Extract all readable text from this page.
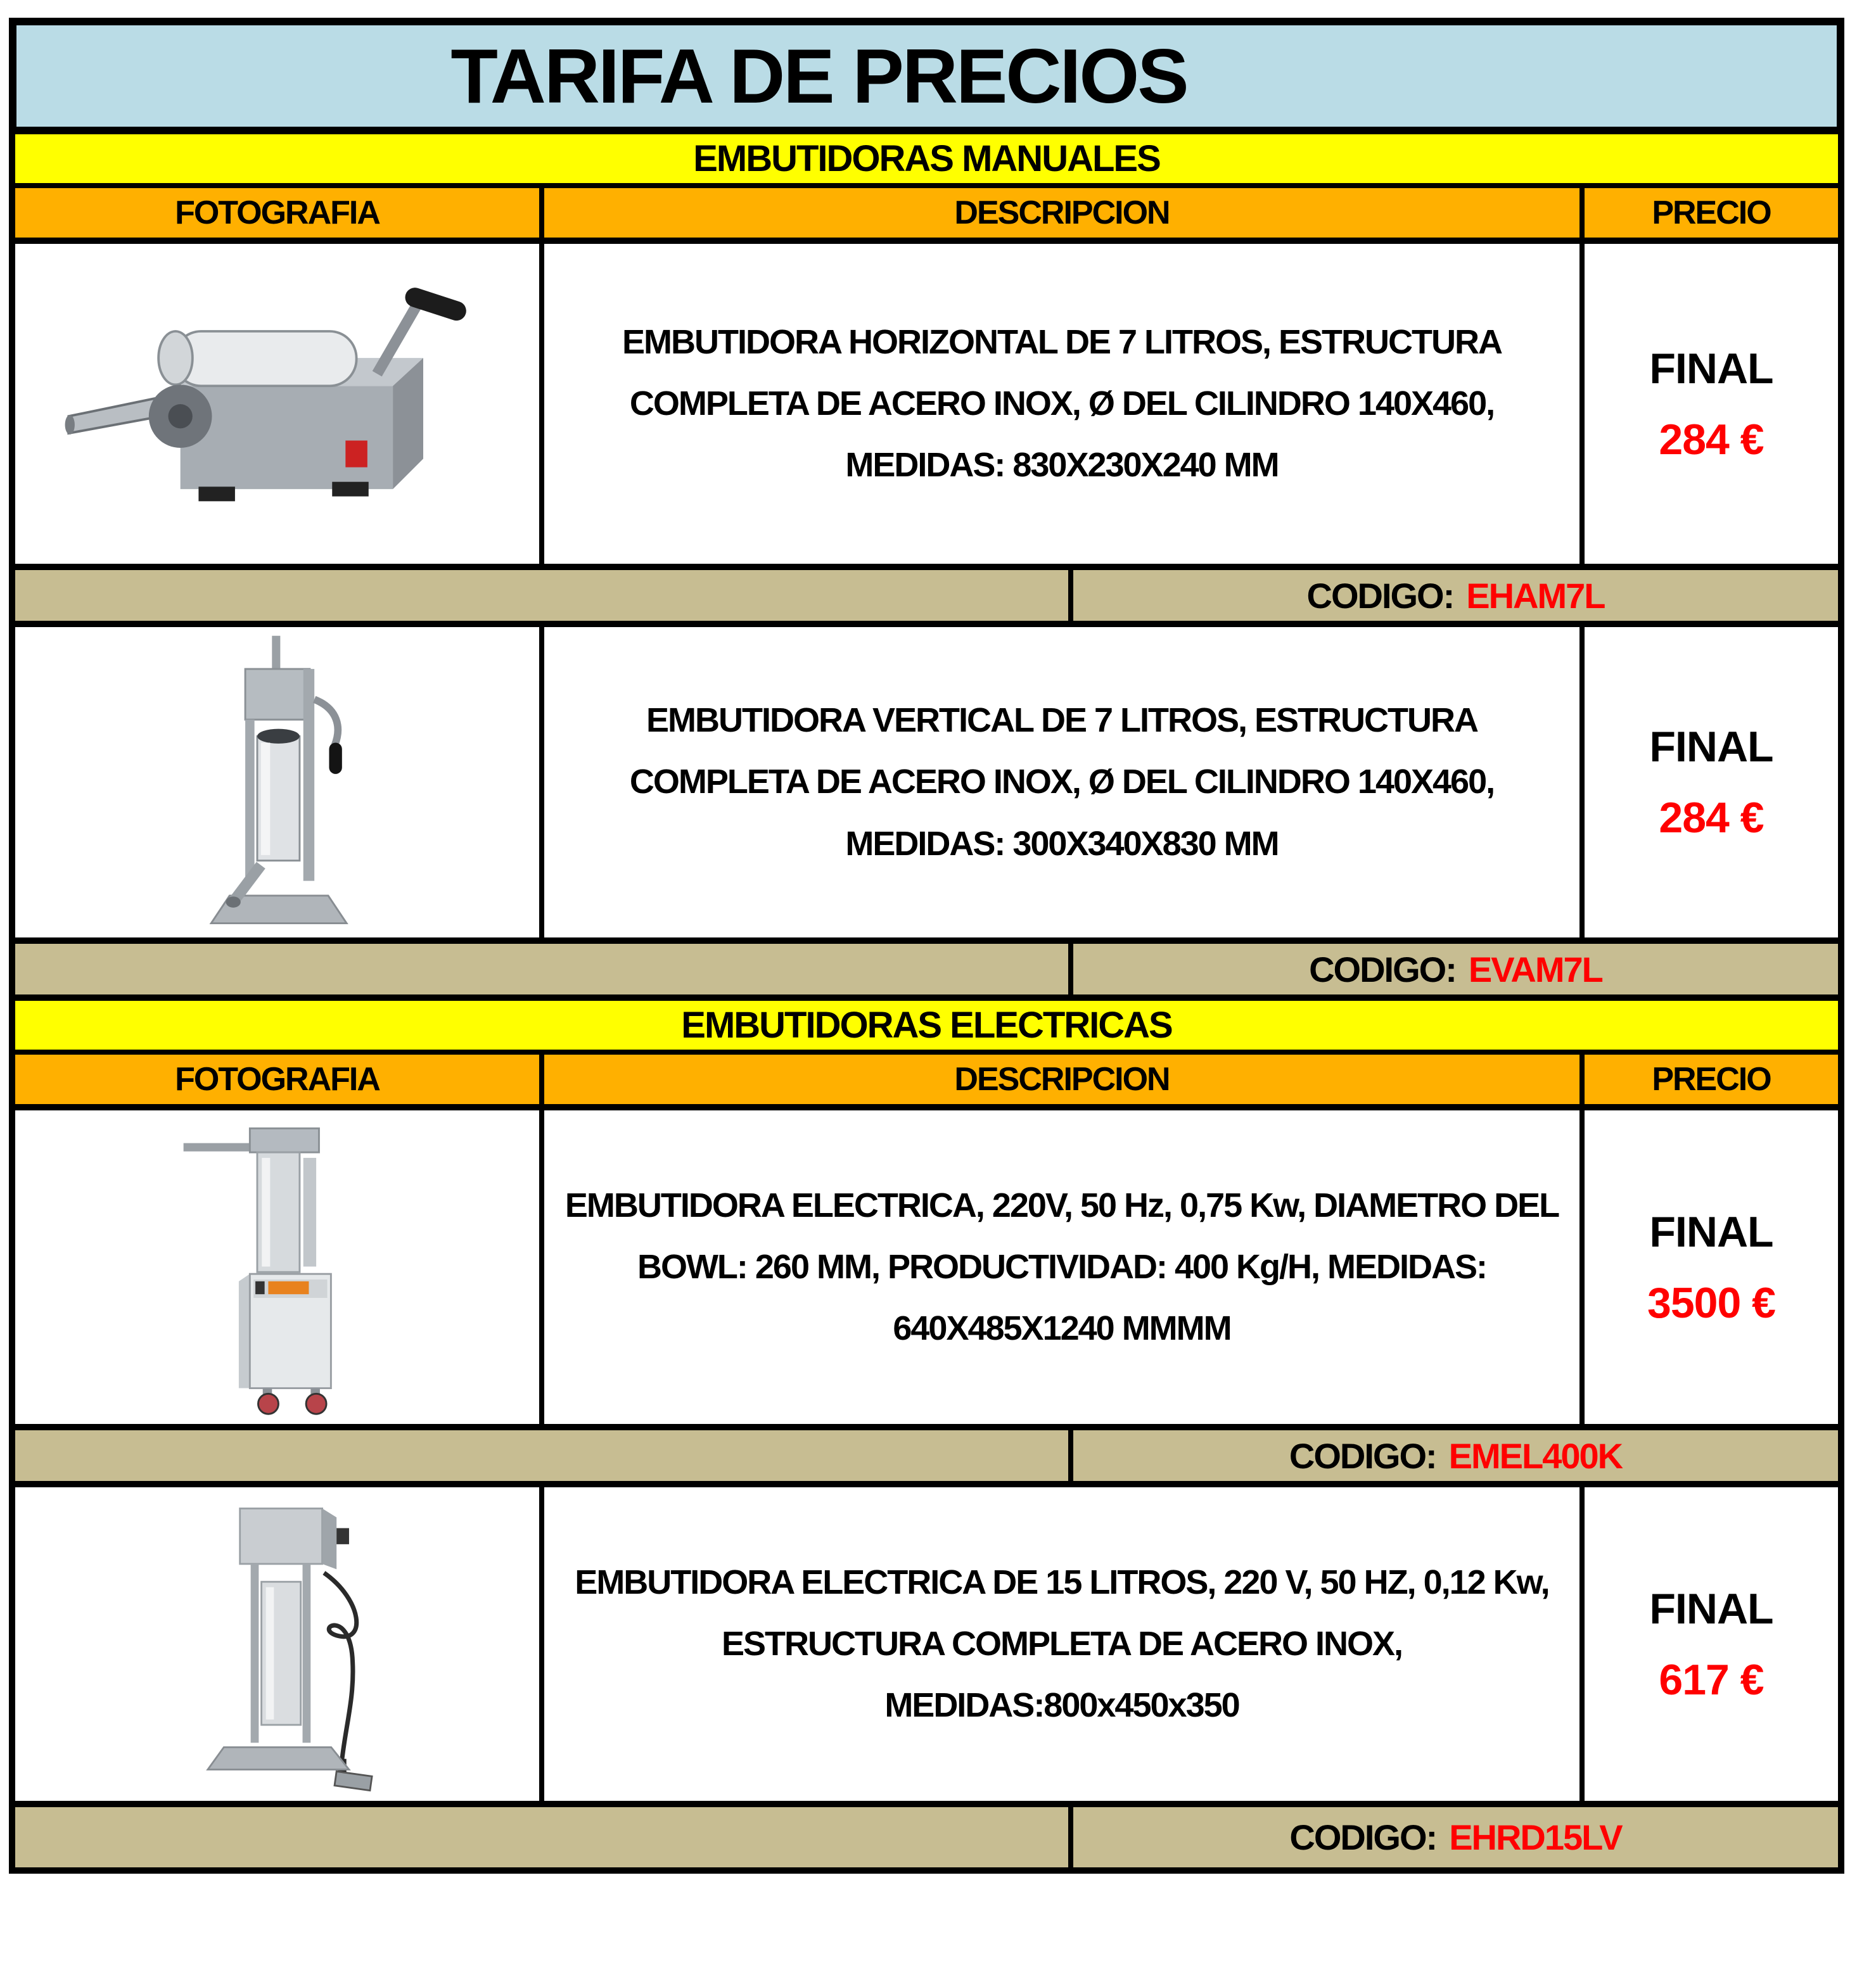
TARIFA DE PRECIOS
EMBUTIDORAS MANUALES
FOTOGRAFIA	DESCRIPCION	PRECIO
EMBUTIDORA HORIZONTAL DE 7 LITROS, ESTRUCTURA COMPLETA DE ACERO INOX, Ø DEL CILINDRO 140X460, MEDIDAS: 830X230X240 MM
FINAL
284 €
CODIGO: EHAM7L
EMBUTIDORA VERTICAL DE 7 LITROS, ESTRUCTURA COMPLETA DE ACERO INOX, Ø DEL CILINDRO 140X460, MEDIDAS: 300X340X830 MM
FINAL
284 €
CODIGO: EVAM7L
EMBUTIDORAS ELECTRICAS
FOTOGRAFIA	DESCRIPCION	PRECIO
EMBUTIDORA ELECTRICA, 220V, 50 Hz, 0,75 Kw, DIAMETRO DEL BOWL: 260 MM, PRODUCTIVIDAD: 400 Kg/H, MEDIDAS: 640X485X1240 MMMM
FINAL
3500 €
CODIGO: EMEL400K
EMBUTIDORA ELECTRICA DE 15 LITROS, 220 V, 50 HZ, 0,12 Kw, ESTRUCTURA COMPLETA DE ACERO INOX, MEDIDAS:800x450x350
FINAL
617 €
CODIGO: EHRD15LV
